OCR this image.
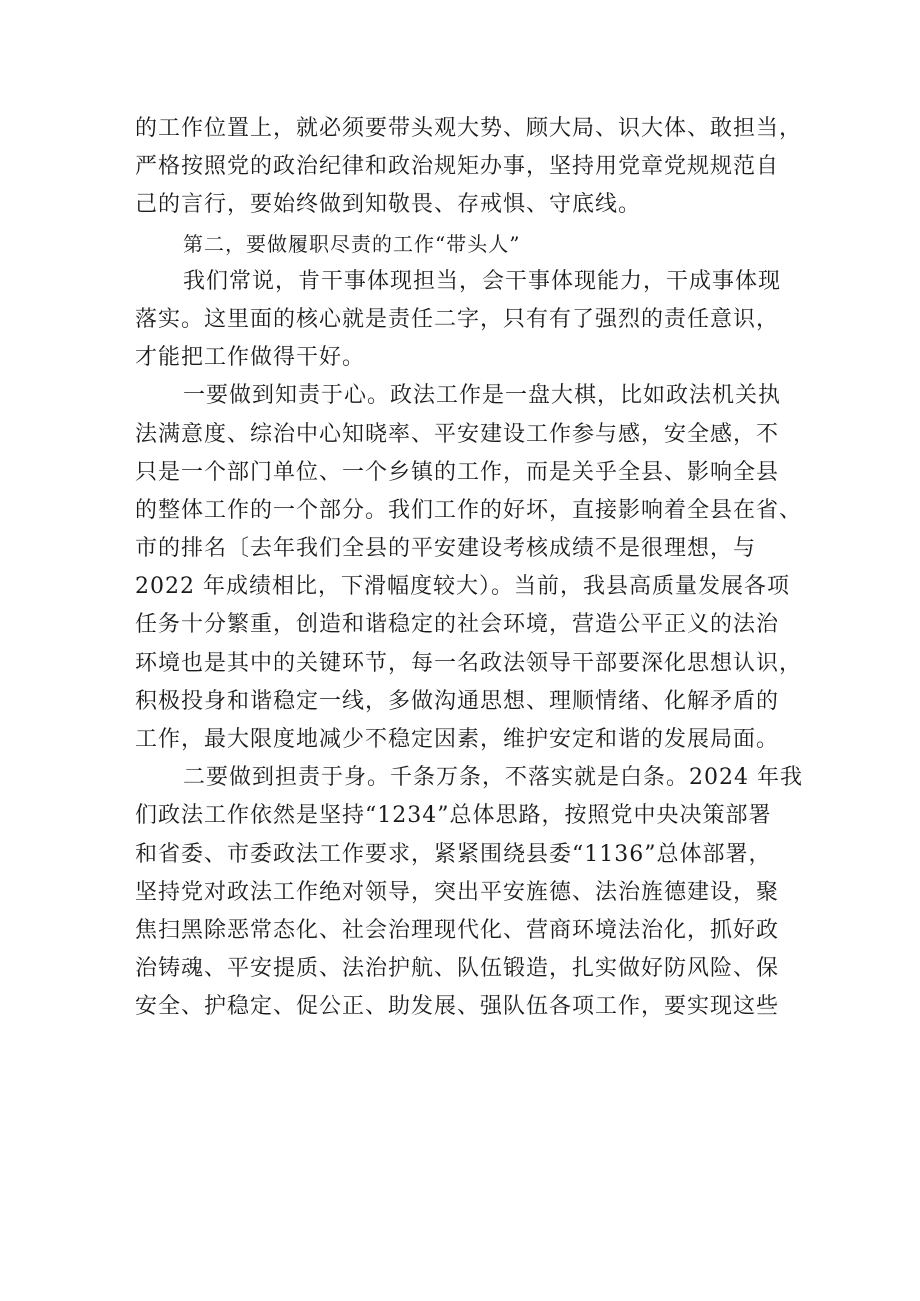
的工作位置上，就必须要带头观大势、顾大局、识大体、敢担当，
严格按照党的政治纪律和政治规矩办事，坚持用党章党规规范自
己的言行，要始终做到知敬畏、存戒惧、守底线。
第二，要做履职尽责的工作“带头人”
我们常说，肯干事体现担当，会干事体现能力，干成事体现
落实。这里面的核心就是责任二字，只有有了强烈的责任意识，
才能把工作做得干好。
一要做到知责于心。政法工作是一盘大棋，比如政法机关执
法满意度、综治中心知晓率、平安建设工作参与感，安全感，不
只是一个部门单位、一个乡镇的工作，而是关乎全县、影响全县
的整体工作的一个部分。我们工作的好坏，直接影响着全县在省、
市的排名〔去年我们全县的平安建设考核成绩不是很理想，与
2022 年成绩相比，下滑幅度较大）。当前，我县高质量发展各项
任务十分繁重，创造和谐稳定的社会环境，营造公平正义的法治
环境也是其中的关键环节，每一名政法领导干部要深化思想认识，
积极投身和谐稳定一线，多做沟通思想、理顺情绪、化解矛盾的
工作，最大限度地减少不稳定因素，维护安定和谐的发展局面。
二要做到担责于身。千条万条，不落实就是白条。2024 年我
们政法工作依然是坚持“1234”总体思路，按照党中央决策部署
和省委、市委政法工作要求，紧紧围绕县委“1136”总体部署，
坚持党对政法工作绝对领导，突出平安旌德、法治旌德建设，聚
焦扫黑除恶常态化、社会治理现代化、营商环境法治化，抓好政
治铸魂、平安提质、法治护航、队伍锻造，扎实做好防风险、保
安全、护稳定、促公正、助发展、强队伍各项工作，要实现这些
